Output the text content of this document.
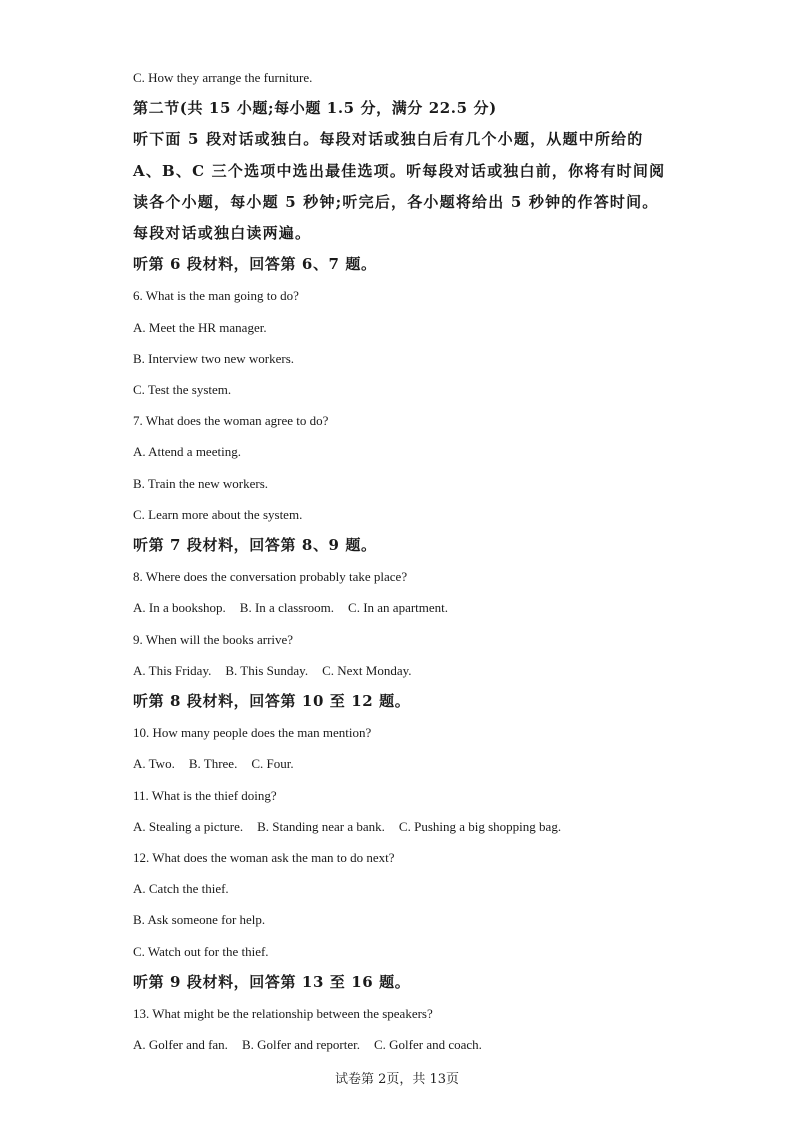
C. How they arrange the furniture.
第二节(共 15 小题;每小题 1.5 分，满分 22.5 分)
听下面 5 段对话或独白。每段对话或独白后有几个小题，从题中所给的 A、B、C 三个选项中选出最佳选项。听每段对话或独白前，你将有时间阅读各个小题，每小题 5 秒钟;听完后，各小题将给出 5 秒钟的作答时间。每段对话或独白读两遍。
听第 6 段材料，回答第 6、7 题。
6. What is the man going to do?
A. Meet the HR manager.
B. Interview two new workers.
C. Test the system.
7. What does the woman agree to do?
A. Attend a meeting.
B. Train the new workers.
C. Learn more about the system.
听第 7 段材料，回答第 8、9 题。
8. Where does the conversation probably take place?
A. In a bookshop. B. In a classroom. C. In an apartment.
9. When will the books arrive?
A. This Friday. B. This Sunday. C. Next Monday.
听第 8 段材料，回答第 10 至 12 题。
10. How many people does the man mention?
A. Two. B. Three. C. Four.
11. What is the thief doing?
A. Stealing a picture. B. Standing near a bank. C. Pushing a big shopping bag.
12. What does the woman ask the man to do next?
A. Catch the thief.
B. Ask someone for help.
C. Watch out for the thief.
听第 9 段材料，回答第 13 至 16 题。
13. What might be the relationship between the speakers?
A. Golfer and fan. B. Golfer and reporter. C. Golfer and coach.
试卷第 2页，共 13页
